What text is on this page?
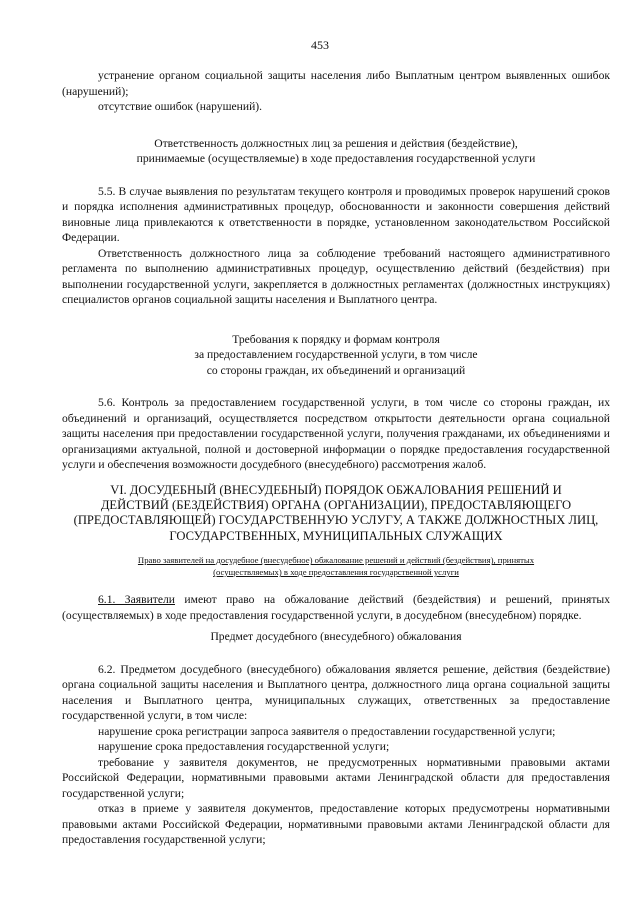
453

устранение органом социальной защиты населения либо Выплатным центром выявленных ошибок (нарушений);

отсутствие ошибок (нарушений).

Ответственность должностных лиц за решения и действия (бездействие),

принимаемые (осуществляемые) в ходе предоставления государственной услуги

5.5. В случае выявления по результатам текущего контроля и проводимых проверок нарушений сроков и порядка исполнения административных процедур, обоснованности и законности совершения действий виновные лица привлекаются к ответственности в порядке, установленном законодательством Российской Федерации.

Ответственность должностного лица за соблюдение требований настоящего административного регламента по выполнению административных процедур, осуществлению действий (бездействия) при выполнении государственной услуги, закрепляется в должностных регламентах (должностных инструкциях) специалистов органов социальной защиты населения и Выплатного центра.

Требования к порядку и формам контроля

за предоставлением государственной услуги, в том числе

со стороны граждан, их объединений и организаций

5.6. Контроль за предоставлением государственной услуги, в том числе со стороны граждан, их объединений и организаций, осуществляется посредством открытости деятельности органа социальной защиты населения при предоставлении государственной услуги, получения гражданами, их объединениями и организациями актуальной, полной и достоверной информации о порядке предоставления государственной услуги и обеспечения возможности досудебного (внесудебного) рассмотрения жалоб.

VI. ДОСУДЕБНЫЙ (ВНЕСУДЕБНЫЙ) ПОРЯДОК ОБЖАЛОВАНИЯ РЕШЕНИЙ И

ДЕЙСТВИЙ (БЕЗДЕЙСТВИЯ) ОРГАНА (ОРГАНИЗАЦИИ), ПРЕДОСТАВЛЯЮЩЕГО

(ПРЕДОСТАВЛЯЮЩЕЙ) ГОСУДАРСТВЕННУЮ УСЛУГУ, А ТАКЖЕ ДОЛЖНОСТНЫХ ЛИЦ,

ГОСУДАРСТВЕННЫХ, МУНИЦИПАЛЬНЫХ СЛУЖАЩИХ

Право заявителей на досудебное (внесудебное) обжалование решений и действий (бездействия), принятых

(осуществляемых) в ходе предоставления государственной услуги

6.1. Заявители имеют право на обжалование действий (бездействия) и решений, принятых (осуществляемых) в ходе предоставления государственной услуги, в досудебном (внесудебном) порядке.

Предмет досудебного (внесудебного) обжалования

6.2. Предметом досудебного (внесудебного) обжалования является решение, действия (бездействие) органа социальной защиты населения и Выплатного центра, должностного лица органа социальной защиты населения и Выплатного центра, муниципальных служащих, ответственных за предоставление государственной услуги, в том числе:

нарушение срока регистрации запроса заявителя о предоставлении государственной услуги;

нарушение срока предоставления государственной услуги;

требование у заявителя документов, не предусмотренных нормативными правовыми актами Российской Федерации, нормативными правовыми актами Ленинградской области для предоставления государственной услуги;

отказ в приеме у заявителя документов, предоставление которых предусмотрены нормативными правовыми актами Российской Федерации, нормативными правовыми актами Ленинградской области для предоставления государственной услуги;
